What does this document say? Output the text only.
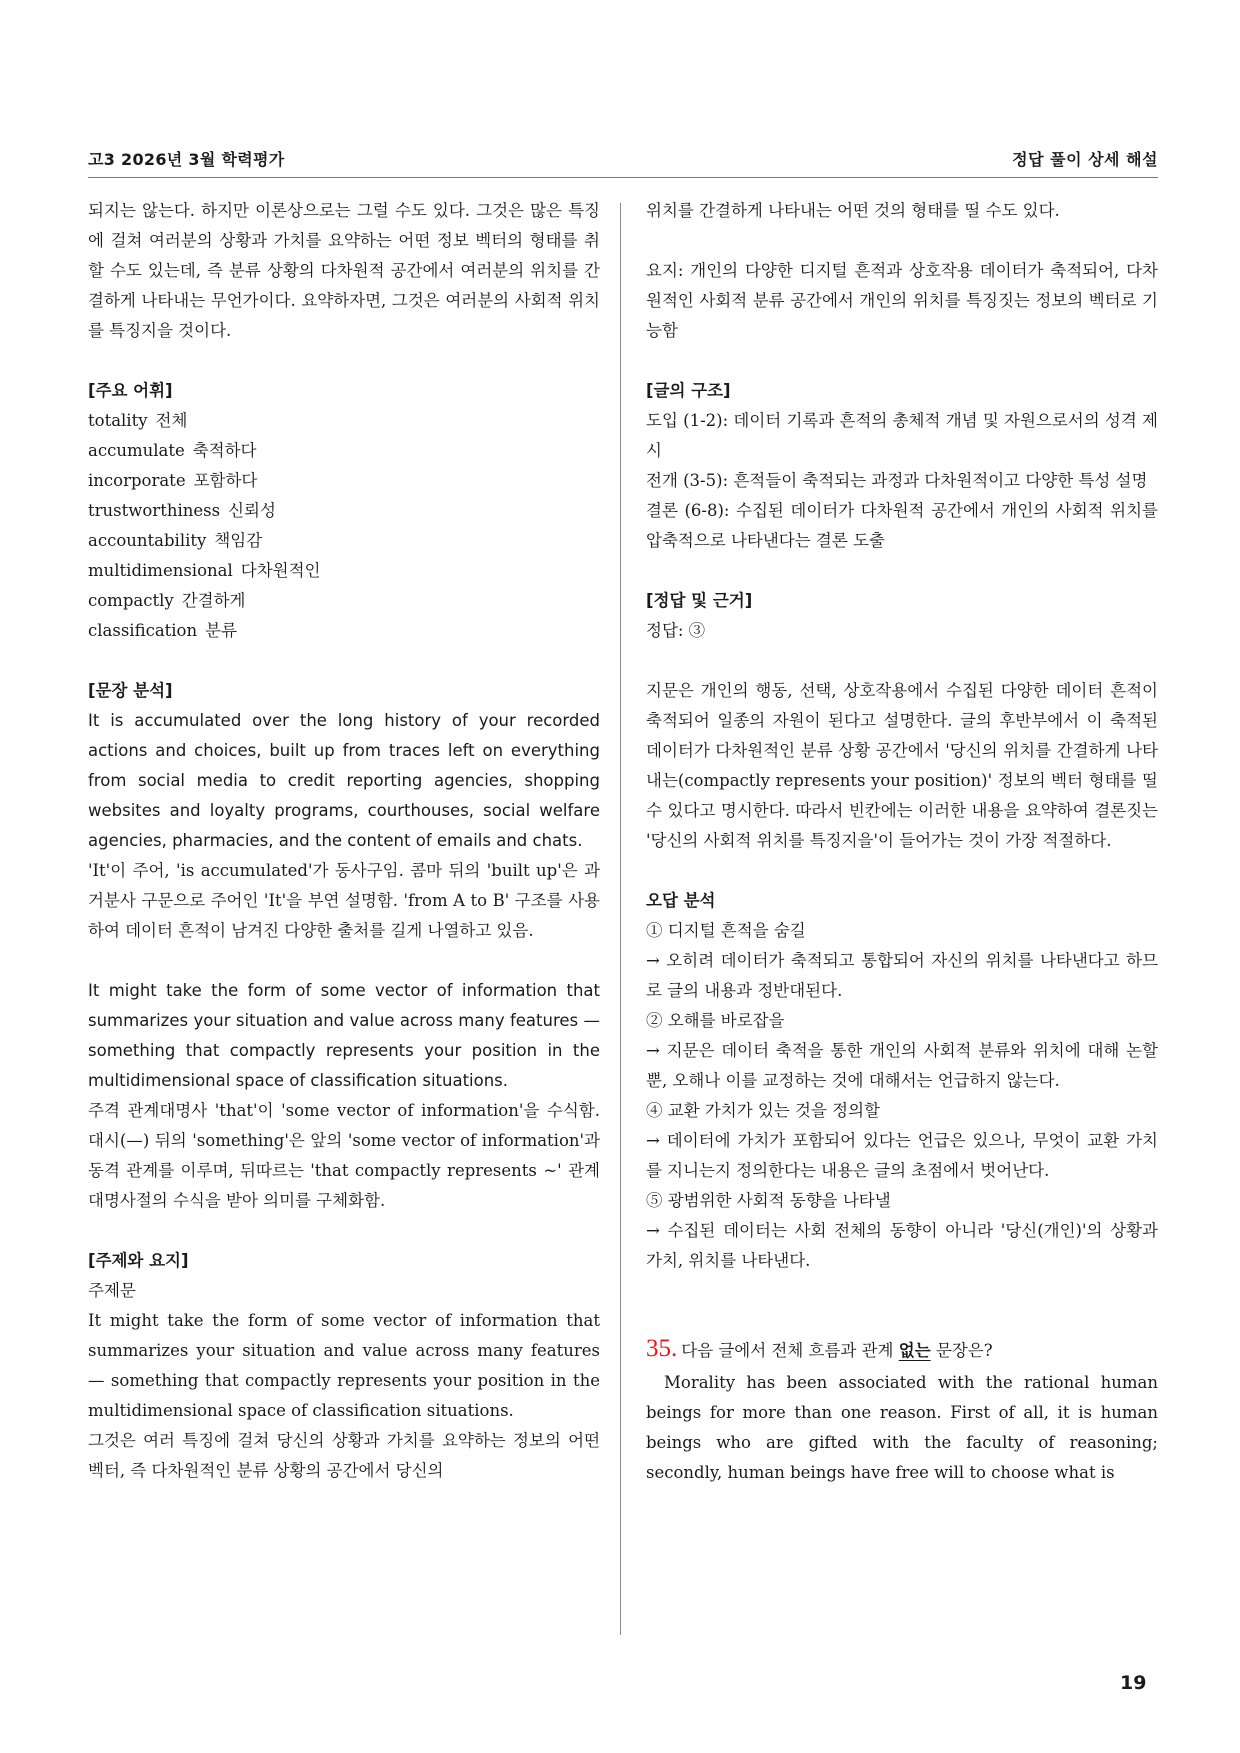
고3 2026년 3월 학력평가	정답 풀이 상세 해설

되지는 않는다. 하지만 이론상으로는 그럴 수도 있다. 그것은 많은 특징에 걸쳐 여러분의 상황과 가치를 요약하는 어떤 정보 벡터의 형태를 취할 수도 있는데, 즉 분류 상황의 다차원적 공간에서 여러분의 위치를 간결하게 나타내는 무언가이다. 요약하자면, 그것은 여러분의 사회적 위치를 특징지을 것이다.

[주요 어휘]

totality 전체

accumulate 축적하다

incorporate 포함하다

trustworthiness 신뢰성

accountability 책임감

multidimensional 다차원적인

compactly 간결하게

classification 분류

[문장 분석]

It is accumulated over the long history of your recorded actions and choices, built up from traces left on everything from social media to credit reporting agencies, shopping websites and loyalty programs, courthouses, social welfare agencies, pharmacies, and the content of emails and chats.

'It'이 주어, 'is accumulated'가 동사구임. 콤마 뒤의 'built up'은 과거분사 구문으로 주어인 'It'을 부연 설명함. 'from A to B' 구조를 사용하여 데이터 흔적이 남겨진 다양한 출처를 길게 나열하고 있음.

It might take the form of some vector of information that summarizes your situation and value across many features — something that compactly represents your position in the multidimensional space of classification situations.

주격 관계대명사 'that'이 'some vector of information'을 수식함. 대시(—) 뒤의 'something'은 앞의 'some vector of information'과 동격 관계를 이루며, 뒤따르는 'that compactly represents ~' 관계대명사절의 수식을 받아 의미를 구체화함.

[주제와 요지]

주제문

It might take the form of some vector of information that summarizes your situation and value across many features — something that compactly represents your position in the multidimensional space of classification situations.

그것은 여러 특징에 걸쳐 당신의 상황과 가치를 요약하는 정보의 어떤 벡터, 즉 다차원적인 분류 상황의 공간에서 당신의

위치를 간결하게 나타내는 어떤 것의 형태를 띨 수도 있다.

요지: 개인의 다양한 디지털 흔적과 상호작용 데이터가 축적되어, 다차원적인 사회적 분류 공간에서 개인의 위치를 특징짓는 정보의 벡터로 기능함

[글의 구조]

도입 (1-2): 데이터 기록과 흔적의 총체적 개념 및 자원으로서의 성격 제시

전개 (3-5): 흔적들이 축적되는 과정과 다차원적이고 다양한 특성 설명

결론 (6-8): 수집된 데이터가 다차원적 공간에서 개인의 사회적 위치를 압축적으로 나타낸다는 결론 도출

[정답 및 근거]

정답: ③

지문은 개인의 행동, 선택, 상호작용에서 수집된 다양한 데이터 흔적이 축적되어 일종의 자원이 된다고 설명한다. 글의 후반부에서 이 축적된 데이터가 다차원적인 분류 상황 공간에서 '당신의 위치를 간결하게 나타내는(compactly represents your position)' 정보의 벡터 형태를 띨 수 있다고 명시한다. 따라서 빈칸에는 이러한 내용을 요약하여 결론짓는 '당신의 사회적 위치를 특징지을'이 들어가는 것이 가장 적절하다.

오답 분석

① 디지털 흔적을 숨길

→ 오히려 데이터가 축적되고 통합되어 자신의 위치를 나타낸다고 하므로 글의 내용과 정반대된다.

② 오해를 바로잡을

→ 지문은 데이터 축적을 통한 개인의 사회적 분류와 위치에 대해 논할 뿐, 오해나 이를 교정하는 것에 대해서는 언급하지 않는다.

④ 교환 가치가 있는 것을 정의할

→ 데이터에 가치가 포함되어 있다는 언급은 있으나, 무엇이 교환 가치를 지니는지 정의한다는 내용은 글의 초점에서 벗어난다.

⑤ 광범위한 사회적 동향을 나타낼

→ 수집된 데이터는 사회 전체의 동향이 아니라 '당신(개인)'의 상황과 가치, 위치를 나타낸다.

35. 다음 글에서 전체 흐름과 관계 없는 문장은?

Morality has been associated with the rational human beings for more than one reason. First of all, it is human beings who are gifted with the faculty of reasoning; secondly, human beings have free will to choose what is

19
